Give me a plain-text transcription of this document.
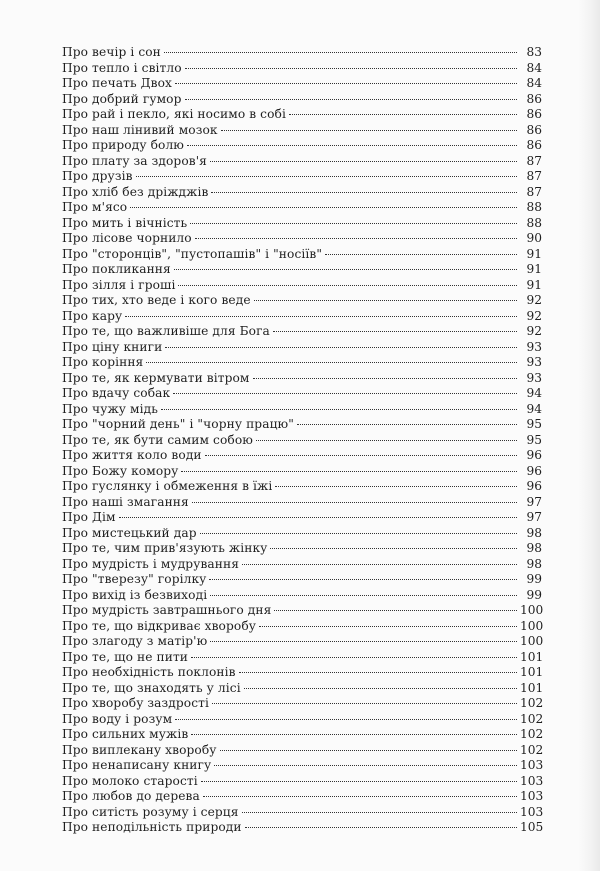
Про вечір і сон	83
Про тепло і світло	84
Про печать Двох	84
Про добрий гумор	86
Про рай і пекло, які носимо в собі	86
Про наш лінивий мозок	86
Про природу болю	86
Про плату за здоров'я	87
Про друзів	87
Про хліб без дріжджів	87
Про м'ясо	88
Про мить і вічність	88
Про лісове чорнило	90
Про "сторонців", "пустопашів" і "носіїв"	91
Про покликання	91
Про зілля і гроші	91
Про тих, хто веде і кого веде	92
Про кару	92
Про те, що важливіше для Бога	92
Про ціну книги	93
Про коріння	93
Про те, як кермувати вітром	93
Про вдачу собак	94
Про чужу мідь	94
Про "чорний день" і "чорну працю"	95
Про те, як бути самим собою	95
Про життя коло води	96
Про Божу комору	96
Про гуслянку і обмеження в їжі	96
Про наші змагання	97
Про Дім	97
Про мистецький дар	98
Про те, чим прив'язують жінку	98
Про мудрість і мудрування	98
Про "тверезу" горілку	99
Про вихід із безвиході	99
Про мудрість завтрашнього дня	100
Про те, що відкриває хворобу	100
Про злагоду з матір'ю	100
Про те, що не пити	101
Про необхідність поклонів	101
Про те, що знаходять у лісі	101
Про хворобу заздрості	102
Про воду і розум	102
Про сильних мужів	102
Про виплекану хворобу	102
Про ненаписану книгу	103
Про молоко старості	103
Про любов до дерева	103
Про ситість розуму і серця	103
Про неподільність природи	105
